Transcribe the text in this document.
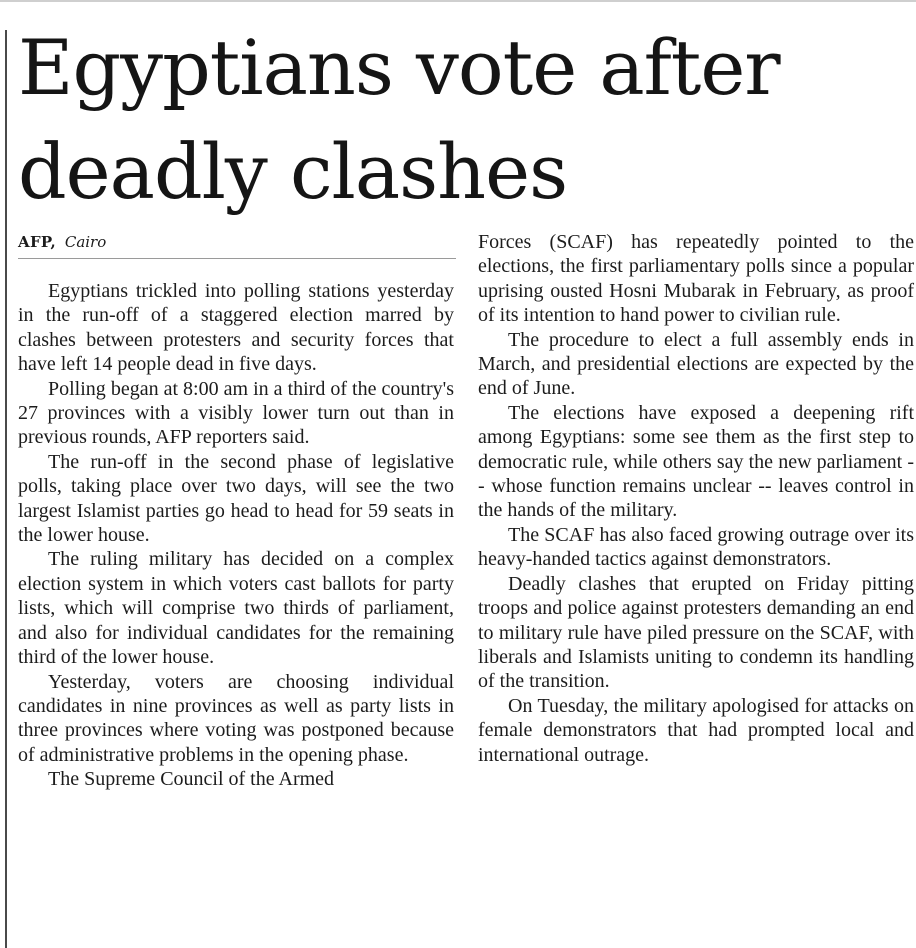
Egyptians vote after deadly clashes
AFP, Cairo

Egyptians trickled into polling stations yesterday in the run-off of a staggered election marred by clashes between protesters and security forces that have left 14 people dead in five days.

Polling began at 8:00 am in a third of the country's 27 provinces with a visibly lower turn out than in previous rounds, AFP reporters said.

The run-off in the second phase of legislative polls, taking place over two days, will see the two largest Islamist parties go head to head for 59 seats in the lower house.

The ruling military has decided on a complex election system in which voters cast ballots for party lists, which will comprise two thirds of parliament, and also for individual candidates for the remaining third of the lower house.

Yesterday, voters are choosing individual candidates in nine provinces as well as party lists in three provinces where voting was postponed because of administrative problems in the opening phase.

The Supreme Council of the Armed

Forces (SCAF) has repeatedly pointed to the elections, the first parliamentary polls since a popular uprising ousted Hosni Mubarak in February, as proof of its intention to hand power to civilian rule.

The procedure to elect a full assembly ends in March, and presidential elections are expected by the end of June.

The elections have exposed a deepening rift among Egyptians: some see them as the first step to democratic rule, while others say the new parliament -- whose function remains unclear -- leaves control in the hands of the military.

The SCAF has also faced growing outrage over its heavy-handed tactics against demonstrators.

Deadly clashes that erupted on Friday pitting troops and police against protesters demanding an end to military rule have piled pressure on the SCAF, with liberals and Islamists uniting to condemn its handling of the transition.

On Tuesday, the military apologised for attacks on female demonstrators that had prompted local and international outrage.
